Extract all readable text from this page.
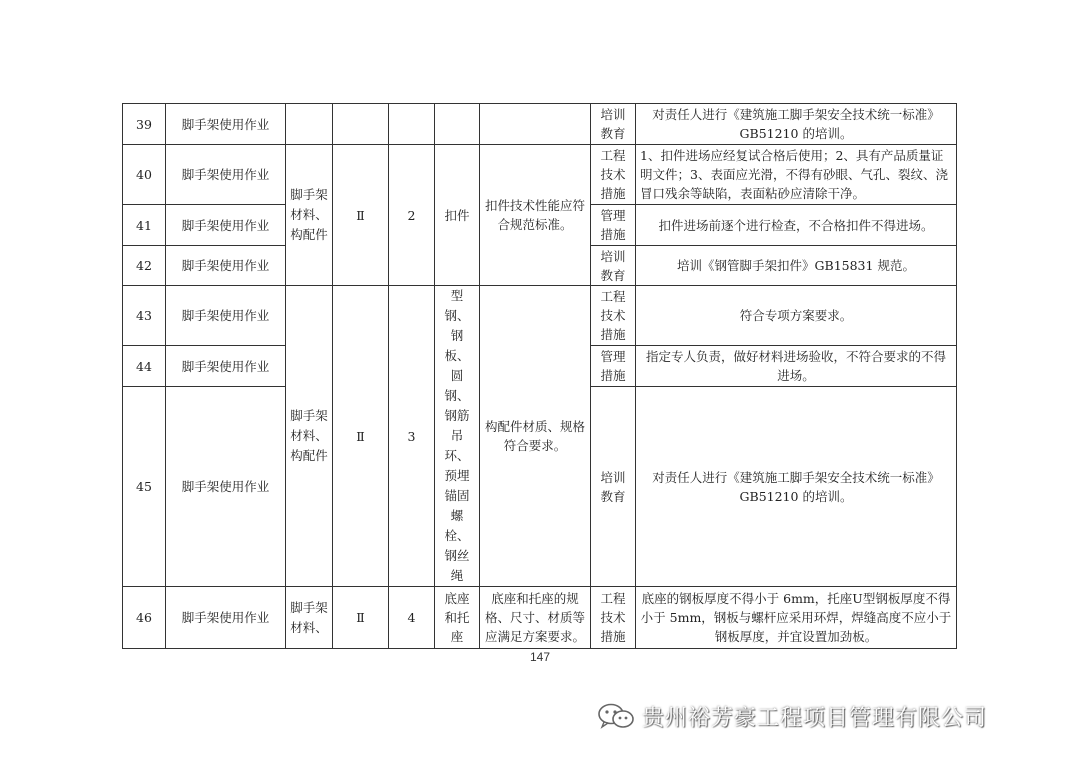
39	脚手架使用作业						培训教育	对责任人进行《建筑施工脚手架安全技术统一标准》GB51210 的培训。
40	脚手架使用作业	脚手架材料、构配件	Ⅱ	2	扣件	扣件技术性能应符合规范标准。	工程技术措施	1、扣件进场应经复试合格后使用；2、具有产品质量证明文件；3、表面应光滑，不得有砂眼、气孔、裂纹、浇冒口残余等缺陷，表面粘砂应清除干净。
41	脚手架使用作业						管理措施	扣件进场前逐个进行检查，不合格扣件不得进场。
42	脚手架使用作业						培训教育	培训《钢管脚手架扣件》GB15831 规范。
43	脚手架使用作业	脚手架材料、构配件	Ⅱ	3	型钢、钢板、圆钢、钢筋吊环、预埋锚固螺栓、钢丝绳	构配件材质、规格符合要求。	工程技术措施	符合专项方案要求。
44	脚手架使用作业						管理措施	指定专人负责，做好材料进场验收，不符合要求的不得进场。
45	脚手架使用作业						培训教育	对责任人进行《建筑施工脚手架安全技术统一标准》GB51210 的培训。
46	脚手架使用作业	脚手架材料、	Ⅱ	4	底座和托座	底座和托座的规格、尺寸、材质等应满足方案要求。	工程技术措施	底座的钢板厚度不得小于 6mm，托座U型钢板厚度不得小于 5mm，钢板与螺杆应采用环焊，焊缝高度不应小于钢板厚度，并宜设置加劲板。
147
贵州裕芳豪工程项目管理有限公司
